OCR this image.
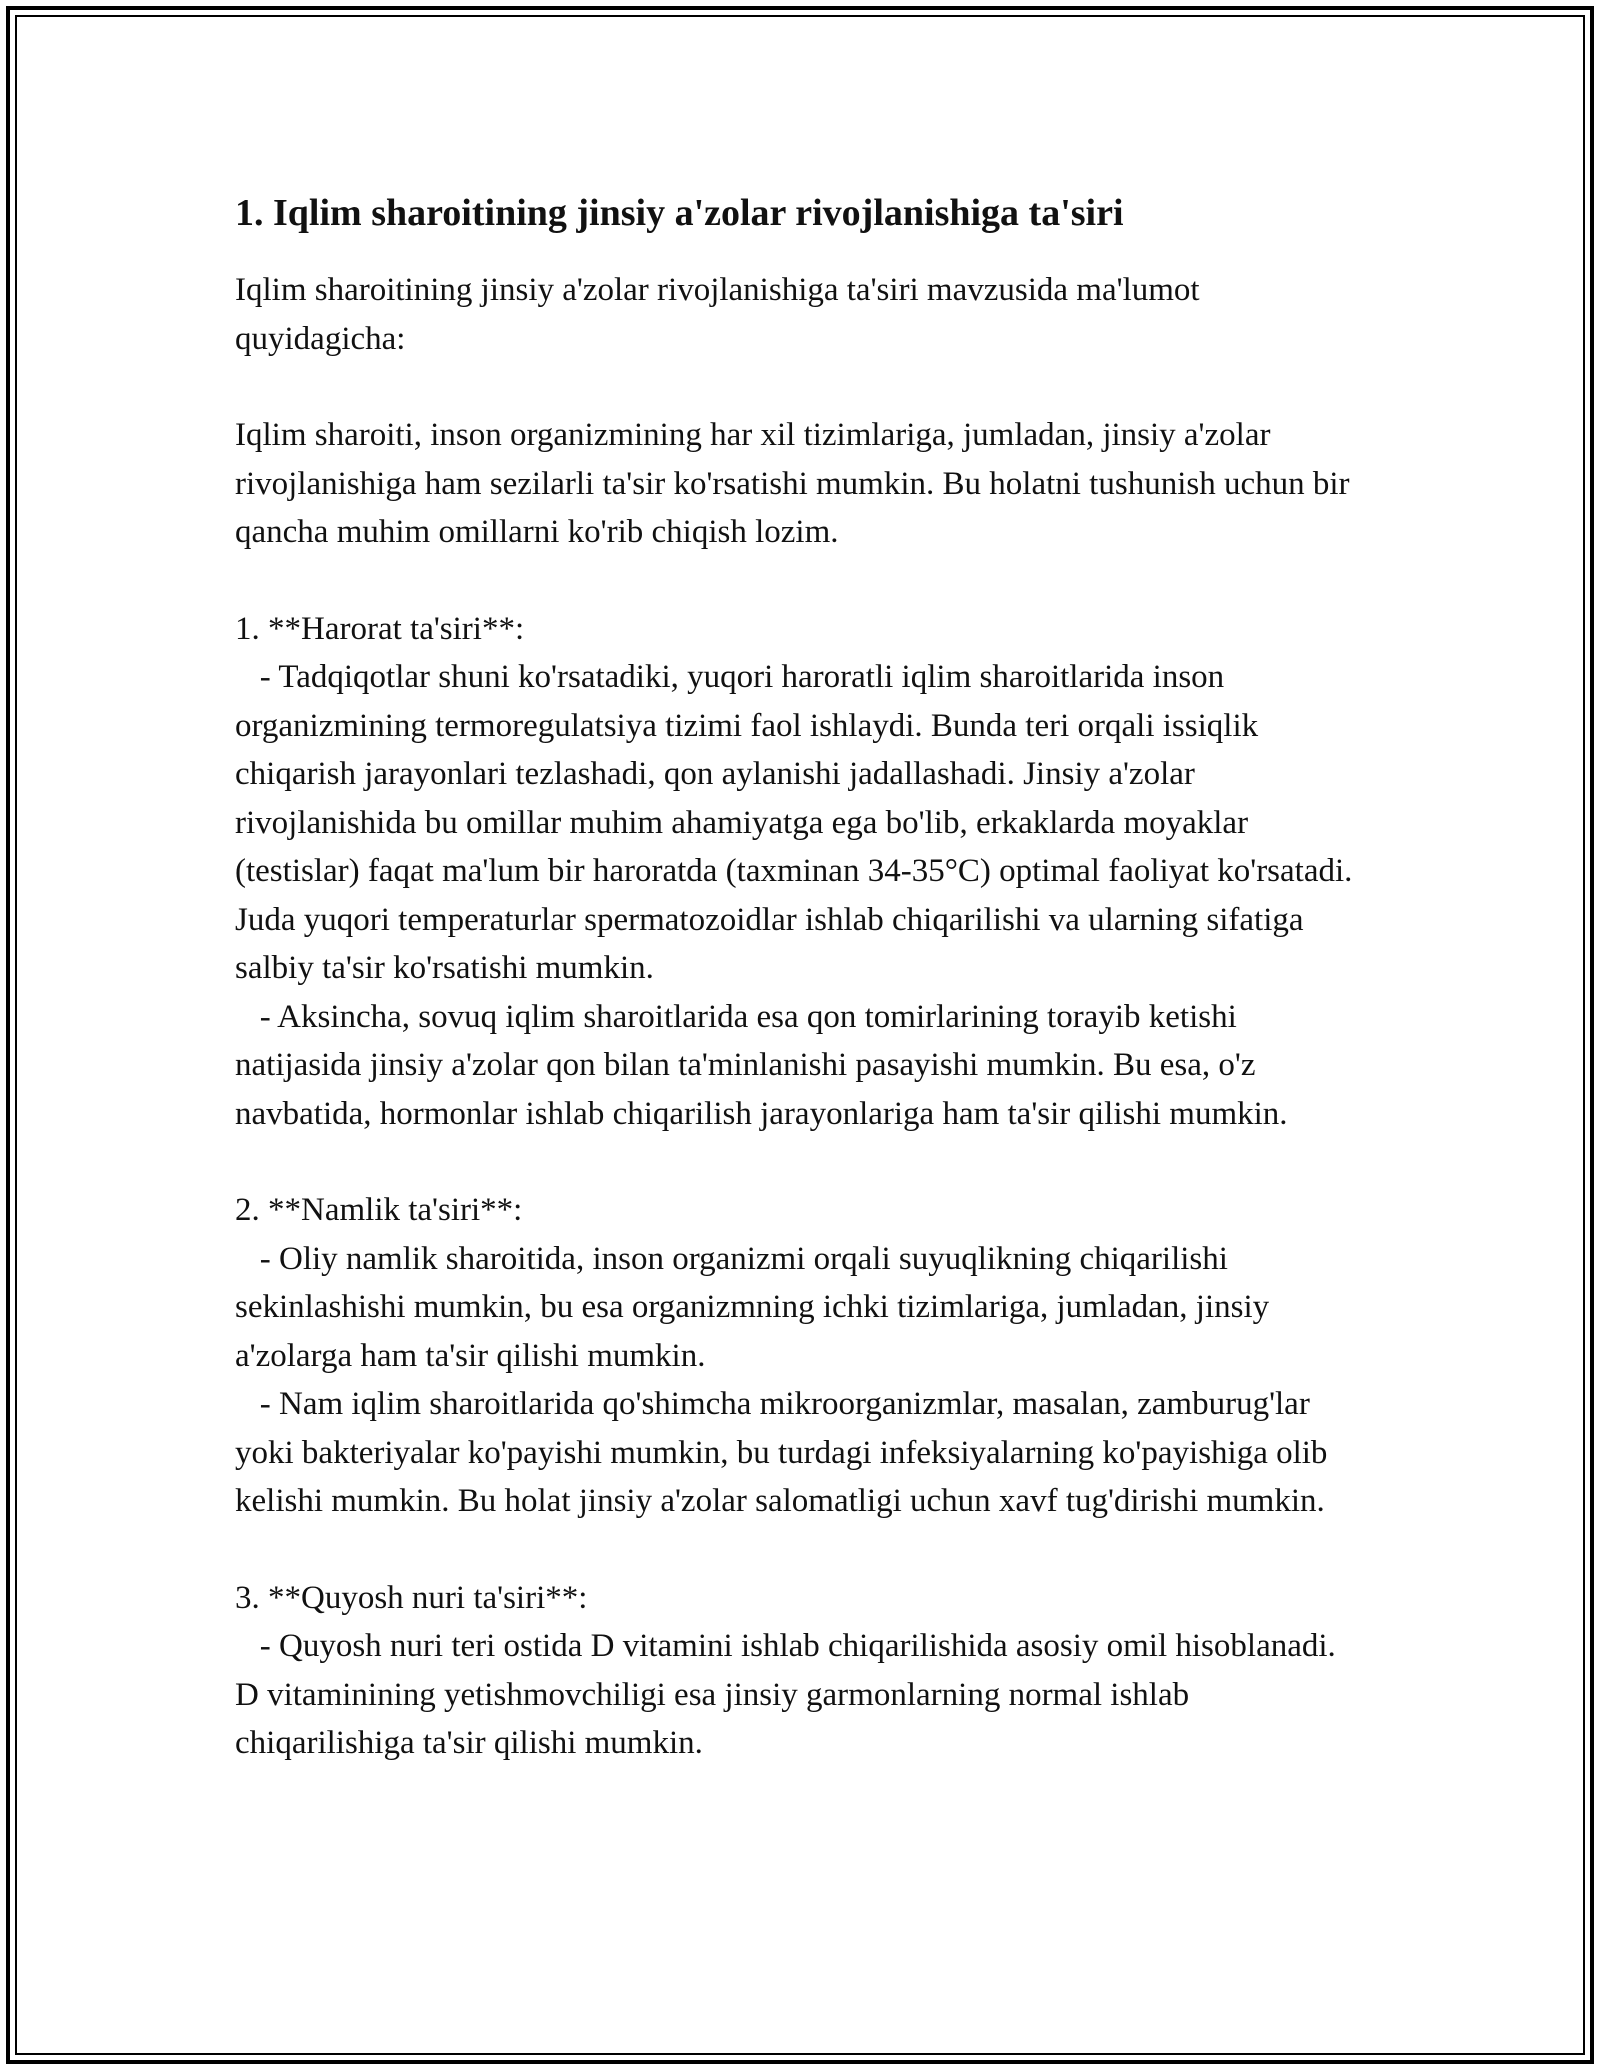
1. Iqlim sharoitining jinsiy a'zolar rivojlanishiga ta'siri

Iqlim sharoitining jinsiy a'zolar rivojlanishiga ta'siri mavzusida ma'lumot quyidagicha:

Iqlim sharoiti, inson organizmining har xil tizimlariga, jumladan, jinsiy a'zolar rivojlanishiga ham sezilarli ta'sir ko'rsatishi mumkin. Bu holatni tushunish uchun bir qancha muhim omillarni ko'rib chiqish lozim.

1. **Harorat ta'siri**:

- Tadqiqotlar shuni ko'rsatadiki, yuqori haroratli iqlim sharoitlarida inson organizmining termoregulatsiya tizimi faol ishlaydi. Bunda teri orqali issiqlik chiqarish jarayonlari tezlashadi, qon aylanishi jadallashadi. Jinsiy a'zolar rivojlanishida bu omillar muhim ahamiyatga ega bo'lib, erkaklarda moyaklar (testislar) faqat ma'lum bir haroratda (taxminan 34-35°C) optimal faoliyat ko'rsatadi. Juda yuqori temperaturlar spermatozoidlar ishlab chiqarilishi va ularning sifatiga salbiy ta'sir ko'rsatishi mumkin.

- Aksincha, sovuq iqlim sharoitlarida esa qon tomirlarining torayib ketishi natijasida jinsiy a'zolar qon bilan ta'minlanishi pasayishi mumkin. Bu esa, o'z navbatida, hormonlar ishlab chiqarilish jarayonlariga ham ta'sir qilishi mumkin.

2. **Namlik ta'siri**:

- Oliy namlik sharoitida, inson organizmi orqali suyuqlikning chiqarilishi sekinlashishi mumkin, bu esa organizmning ichki tizimlariga, jumladan, jinsiy a'zolarga ham ta'sir qilishi mumkin.

- Nam iqlim sharoitlarida qo'shimcha mikroorganizmlar, masalan, zamburug'lar yoki bakteriyalar ko'payishi mumkin, bu turdagi infeksiyalarning ko'payishiga olib kelishi mumkin. Bu holat jinsiy a'zolar salomatligi uchun xavf tug'dirishi mumkin.

3. **Quyosh nuri ta'siri**:

- Quyosh nuri teri ostida D vitamini ishlab chiqarilishida asosiy omil hisoblanadi. D vitaminining yetishmovchiligi esa jinsiy garmonlarning normal ishlab chiqarilishiga ta'sir qilishi mumkin.
